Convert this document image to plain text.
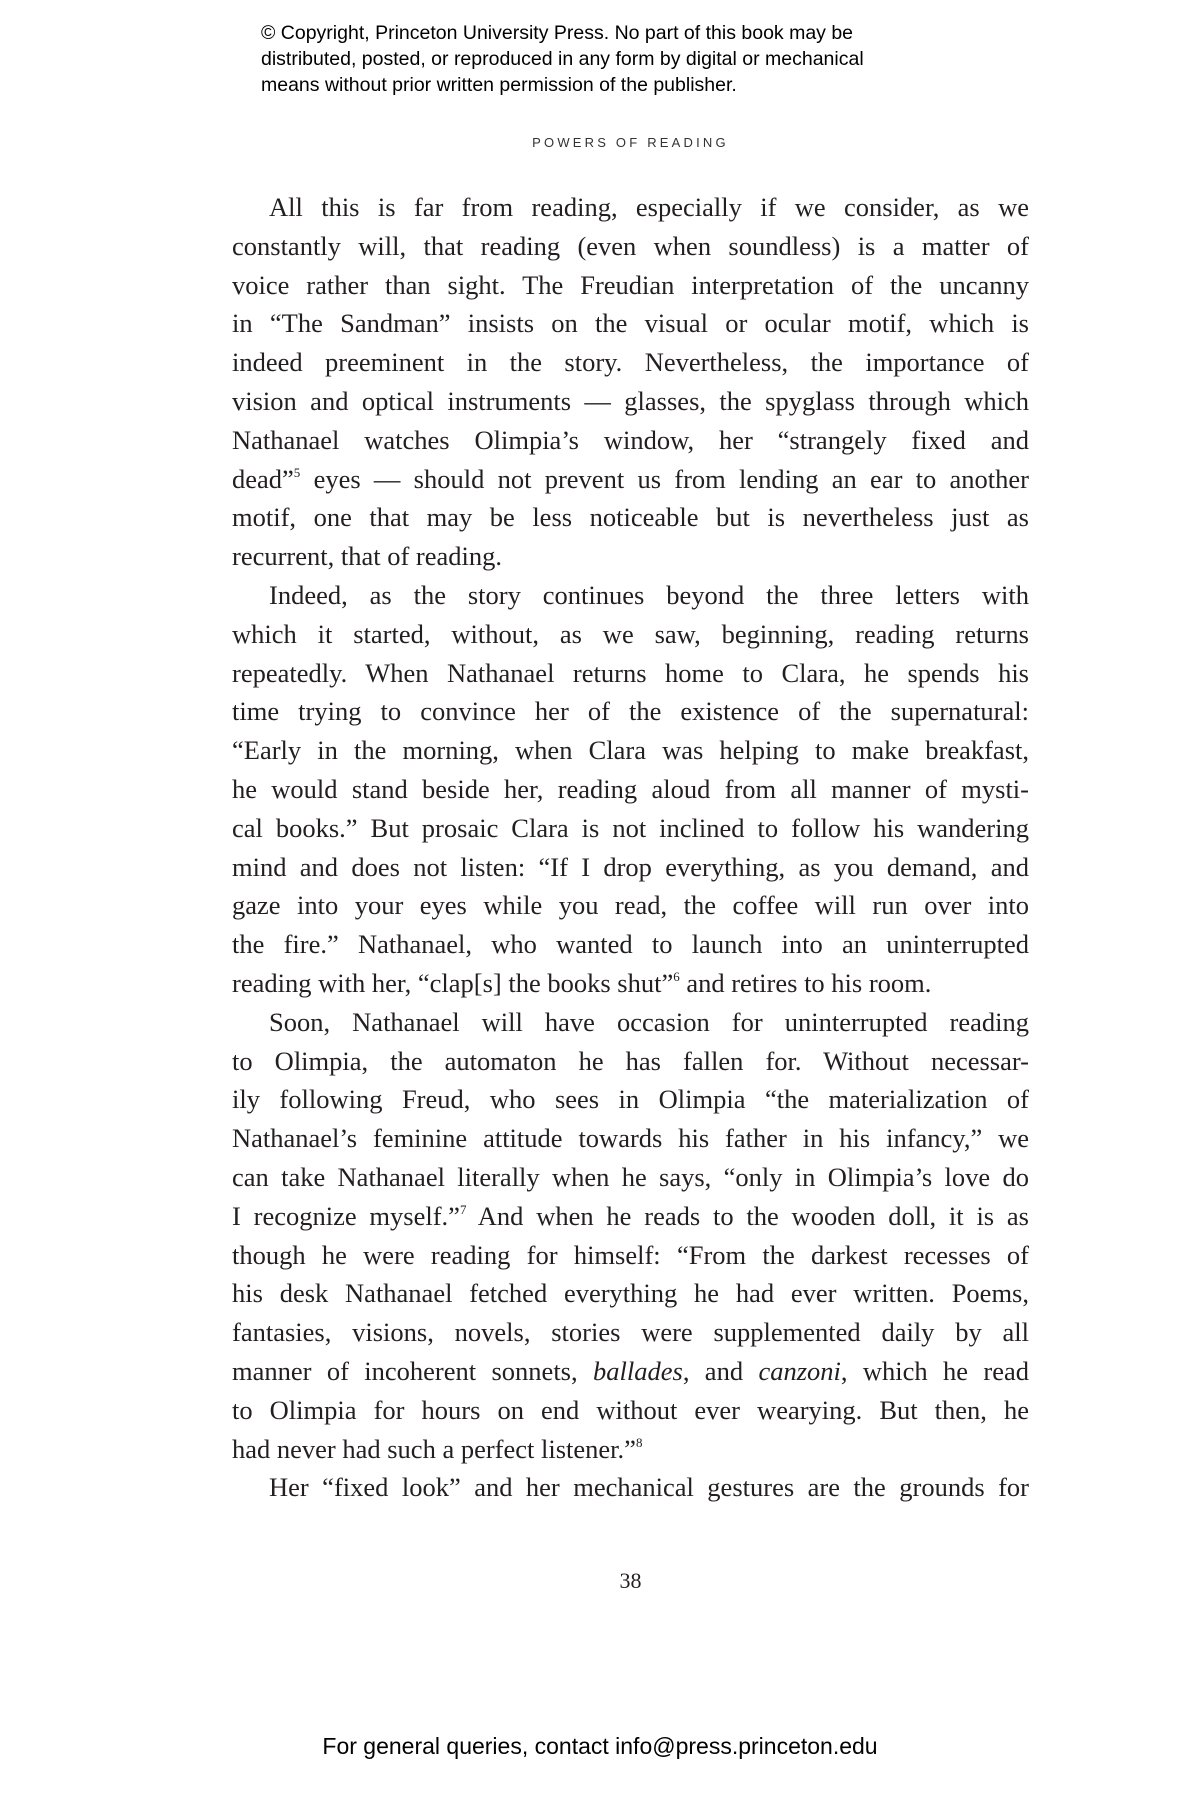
© Copyright, Princeton University Press. No part of this book may be
distributed, posted, or reproduced in any form by digital or mechanical
means without prior written permission of the publisher.
POWERS OF READING
All this is far from reading, especially if we consider, as we
constantly will, that reading (even when soundless) is a matter of
voice rather than sight. The Freudian interpretation of the uncanny
in “The Sandman” insists on the visual or ocular motif, which is
indeed preeminent in the story. Nevertheless, the importance of
vision and optical instruments — glasses, the spyglass through which
Nathanael watches Olimpia’s window, her “strangely fixed and
dead”$^5$ eyes — should not prevent us from lending an ear to another
motif, one that may be less noticeable but is nevertheless just as
recurrent, that of reading.
Indeed, as the story continues beyond the three letters with
which it started, without, as we saw, beginning, reading returns
repeatedly. When Nathanael returns home to Clara, he spends his
time trying to convince her of the existence of the supernatural:
“Early in the morning, when Clara was helping to make breakfast,
he would stand beside her, reading aloud from all manner of mysti-
cal books.” But prosaic Clara is not inclined to follow his wandering
mind and does not listen: “If I drop everything, as you demand, and
gaze into your eyes while you read, the coffee will run over into
the fire.” Nathanael, who wanted to launch into an uninterrupted
reading with her, “clap[s] the books shut”$^6$ and retires to his room.
Soon, Nathanael will have occasion for uninterrupted reading
to Olimpia, the automaton he has fallen for. Without necessar-
ily following Freud, who sees in Olimpia “the materialization of
Nathanael’s feminine attitude towards his father in his infancy,” we
can take Nathanael literally when he says, “only in Olimpia’s love do
I recognize myself.”$^7$ And when he reads to the wooden doll, it is as
though he were reading for himself: “From the darkest recesses of
his desk Nathanael fetched everything he had ever written. Poems,
fantasies, visions, novels, stories were supplemented daily by all
manner of incoherent sonnets, ballades, and canzoni, which he read
to Olimpia for hours on end without ever wearying. But then, he
had never had such a perfect listener.”$^8$
Her “fixed look” and her mechanical gestures are the grounds for
38
For general queries, contact info@press.princeton.edu
